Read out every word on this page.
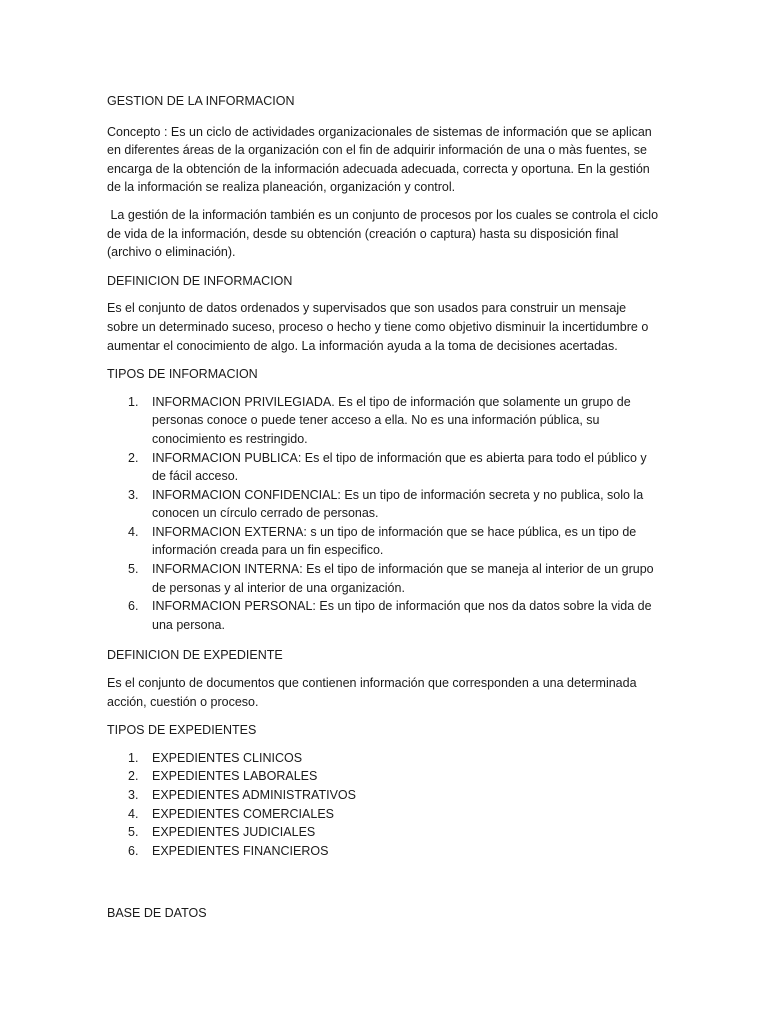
GESTION DE LA INFORMACION

Concepto : Es un ciclo de actividades organizacionales de sistemas de información que se aplican en diferentes áreas de la organización con el fin de adquirir información de una o màs fuentes, se encarga de la obtención de la información adecuada adecuada, correcta y oportuna. En la gestión de la información se realiza planeación, organización y control.

La gestión de la información también es un conjunto de procesos por los cuales se controla el ciclo de vida de la información, desde su obtención (creación o captura) hasta su disposición final (archivo o eliminación).

DEFINICION DE INFORMACION

Es el conjunto de datos ordenados y supervisados que son usados para construir un mensaje sobre un determinado suceso, proceso o hecho y tiene como objetivo disminuir la incertidumbre o aumentar el conocimiento de algo. La información ayuda a la toma de decisiones acertadas.

TIPOS DE INFORMACION

1. INFORMACION PRIVILEGIADA. Es el tipo de información que solamente un grupo de personas conoce o puede tener acceso a ella. No es una información pública, su conocimiento es restringido.
2. INFORMACION PUBLICA: Es el tipo de información que es abierta para todo el público y de fácil acceso.
3. INFORMACION CONFIDENCIAL: Es un tipo de información secreta y no publica, solo la conocen un círculo cerrado de personas.
4. INFORMACION EXTERNA: s un tipo de información que se hace pública, es un tipo de información creada para un fin especifico.
5. INFORMACION INTERNA: Es el tipo de información que se maneja al interior de un grupo de personas y al interior de una organización.
6. INFORMACION PERSONAL: Es un tipo de información que nos da datos sobre la vida de una persona.

DEFINICION DE EXPEDIENTE

Es el conjunto de documentos que contienen información que corresponden a una determinada acción, cuestión o proceso.

TIPOS DE EXPEDIENTES

1. EXPEDIENTES CLINICOS
2. EXPEDIENTES LABORALES
3. EXPEDIENTES ADMINISTRATIVOS
4. EXPEDIENTES COMERCIALES
5. EXPEDIENTES JUDICIALES
6. EXPEDIENTES FINANCIEROS

BASE DE DATOS
